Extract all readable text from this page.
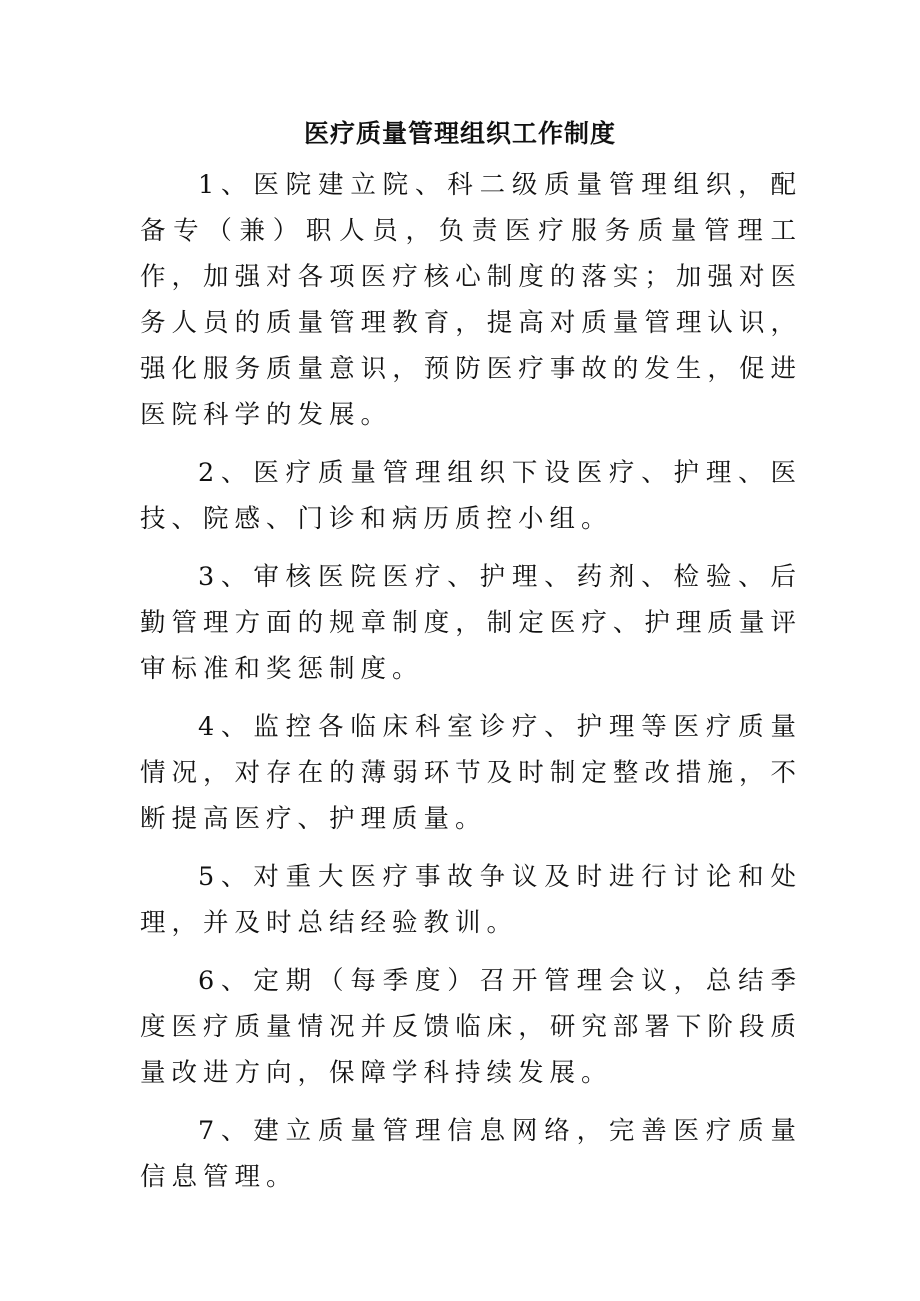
医疗质量管理组织工作制度

1、医院建立院、科二级质量管理组织，配备专（兼）职人员，负责医疗服务质量管理工作，加强对各项医疗核心制度的落实；加强对医务人员的质量管理教育，提高对质量管理认识，强化服务质量意识，预防医疗事故的发生，促进医院科学的发展。

2、医疗质量管理组织下设医疗、护理、医技、院感、门诊和病历质控小组。

3、审核医院医疗、护理、药剂、检验、后勤管理方面的规章制度，制定医疗、护理质量评审标准和奖惩制度。

4、监控各临床科室诊疗、护理等医疗质量情况，对存在的薄弱环节及时制定整改措施，不断提高医疗、护理质量。

5、对重大医疗事故争议及时进行讨论和处理，并及时总结经验教训。

6、定期（每季度）召开管理会议，总结季度医疗质量情况并反馈临床，研究部署下阶段质量改进方向，保障学科持续发展。

7、建立质量管理信息网络，完善医疗质量信息管理。
